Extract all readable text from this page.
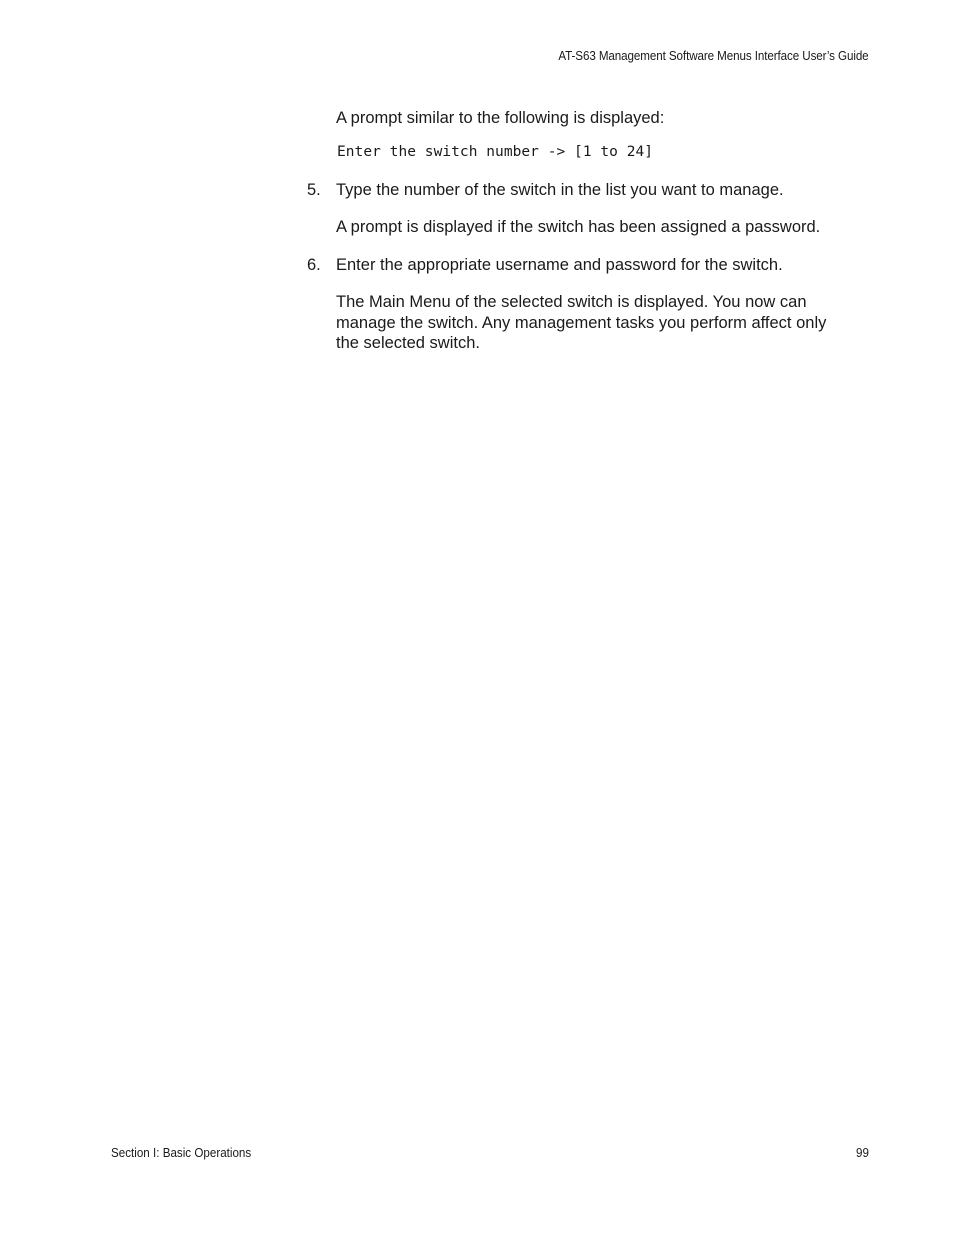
AT-S63 Management Software Menus Interface User’s Guide
A prompt similar to the following is displayed:
Enter the switch number -> [1 to 24]
5. Type the number of the switch in the list you want to manage.
A prompt is displayed if the switch has been assigned a password.
6. Enter the appropriate username and password for the switch.
The Main Menu of the selected switch is displayed. You now can
manage the switch. Any management tasks you perform affect only
the selected switch.
Section I: Basic Operations	99
